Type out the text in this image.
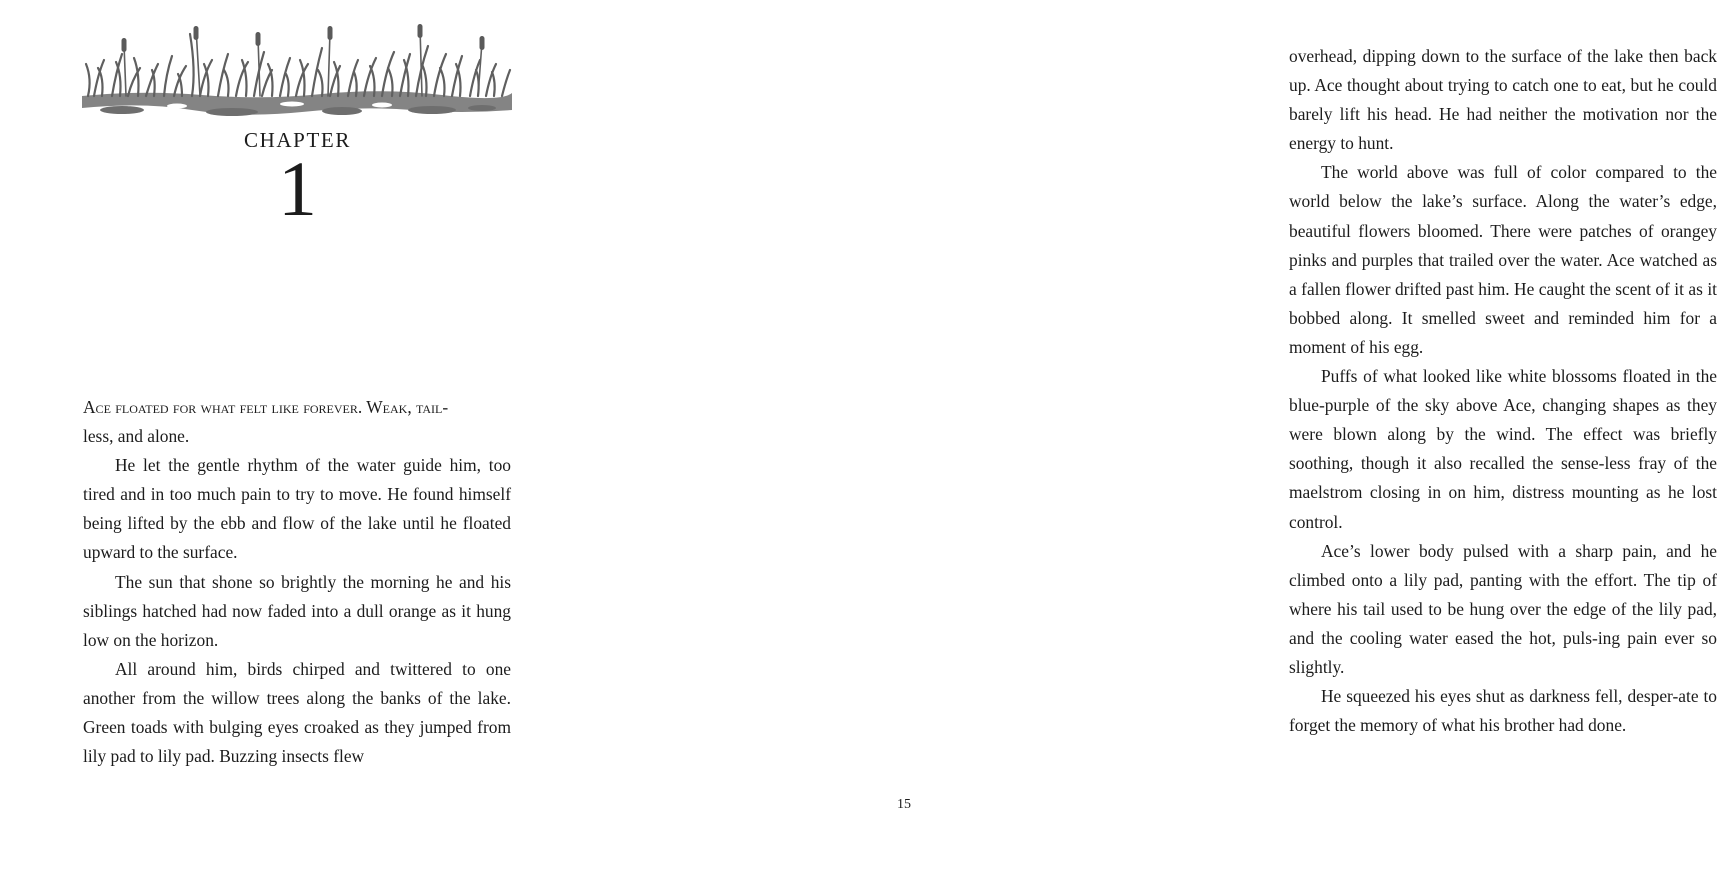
CHAPTER
1

Ace floated for what felt like forever. Weak, tail-
less, and alone.

He let the gentle rhythm of the water guide him, too tired and in too much pain to try to move. He found himself being lifted by the ebb and flow of the lake until he floated upward to the surface.

The sun that shone so brightly the morning he and his siblings hatched had now faded into a dull orange as it hung low on the horizon.

All around him, birds chirped and twittered to one another from the willow trees along the banks of the lake. Green toads with bulging eyes croaked as they jumped from lily pad to lily pad. Buzzing insects flew

overhead, dipping down to the surface of the lake then back up. Ace thought about trying to catch one to eat, but he could barely lift his head. He had neither the motivation nor the energy to hunt.

The world above was full of color compared to the world below the lake’s surface. Along the water’s edge, beautiful flowers bloomed. There were patches of orangey pinks and purples that trailed over the water. Ace watched as a fallen flower drifted past him. He caught the scent of it as it bobbed along. It smelled sweet and reminded him for a moment of his egg.

Puffs of what looked like white blossoms floated in the blue-purple of the sky above Ace, changing shapes as they were blown along by the wind. The effect was briefly soothing, though it also recalled the sense-less fray of the maelstrom closing in on him, distress mounting as he lost control.

Ace’s lower body pulsed with a sharp pain, and he climbed onto a lily pad, panting with the effort. The tip of where his tail used to be hung over the edge of the lily pad, and the cooling water eased the hot, puls-ing pain ever so slightly.

He squeezed his eyes shut as darkness fell, desper-ate to forget the memory of what his brother had done.

15
